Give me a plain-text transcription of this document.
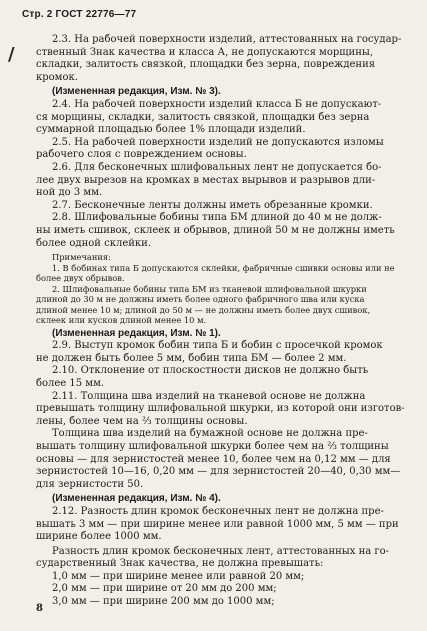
Стр. 2 ГОСТ 22776—77
/
2.3. На рабочей поверхности изделий, аттестованных на государ-
ственный Знак качества и класса А, не допускаются морщины,
складки, залитость связкой, площадки без зерна, повреждения
кромок.
(Измененная редакция, Изм. № 3).
2.4. На рабочей поверхности изделий класса Б не допускают-
ся морщины, складки, залитость связкой, площадки без зерна
суммарной площадью более 1% площади изделий.
2.5. На рабочей поверхности изделий не допускаются изломы
рабочего слоя с повреждением основы.
2.6. Для бесконечных шлифовальных лент не допускается бо-
лее двух вырезов на кромках в местах вырывов и разрывов дли-
ной до 3 мм.
2.7. Бесконечные ленты должны иметь обрезанные кромки.
2.8. Шлифовальные бобины типа БМ длиной до 40 м не долж-
ны иметь сшивок, склеек и обрывов, длиной 50 м не должны иметь
более одной склейки.
Примечания:
1. В бобинах типа Б допускаются склейки, фабричные сшивки основы или не
более двух обрывов.
2. Шлифовальные бобины типа БМ из тканевой шлифовальной шкурки
длиной до 30 м не должны иметь более одного фабричного шва или куска
длиной менее 10 м; длиной до 50 м — не должны иметь более двух сшивок,
склеек или кусков длиной менее 10 м.
(Измененная редакция, Изм. № 1).
2.9. Выступ кромок бобин типа Б и бобин с просечкой кромок
не должен быть более 5 мм, бобин типа БМ — более 2 мм.
2.10. Отклонение от плоскостности дисков не должно быть
более 15 мм.
2.11. Толщина шва изделий на тканевой основе не должна
превышать толщину шлифовальной шкурки, из которой они изготов-
лены, более чем на ⅔ толщины основы.
Толщина шва изделий на бумажной основе не должна пре-
вышать толщину шлифовальной шкурки более чем на ⅔ толщины
основы — для зернистостей менее 10, более чем на 0,12 мм — для
зернистостей 10—16, 0,20 мм — для зернистостей 20—40, 0,30 мм—
для зернистости 50.
(Измененная редакция, Изм. № 4).
2.12. Разность длин кромок бесконечных лент не должна пре-
вышать 3 мм — при ширине менее или равной 1000 мм, 5 мм — при
ширине более 1000 мм.
Разность длин кромок бесконечных лент, аттестованных на го-
сударственный Знак качества, не должна превышать:
1,0 мм — при ширине менее или равной 20 мм;
2,0 мм — при ширине от 20 мм до 200 мм;
3,0 мм — при ширине 200 мм до 1000 мм;
8
